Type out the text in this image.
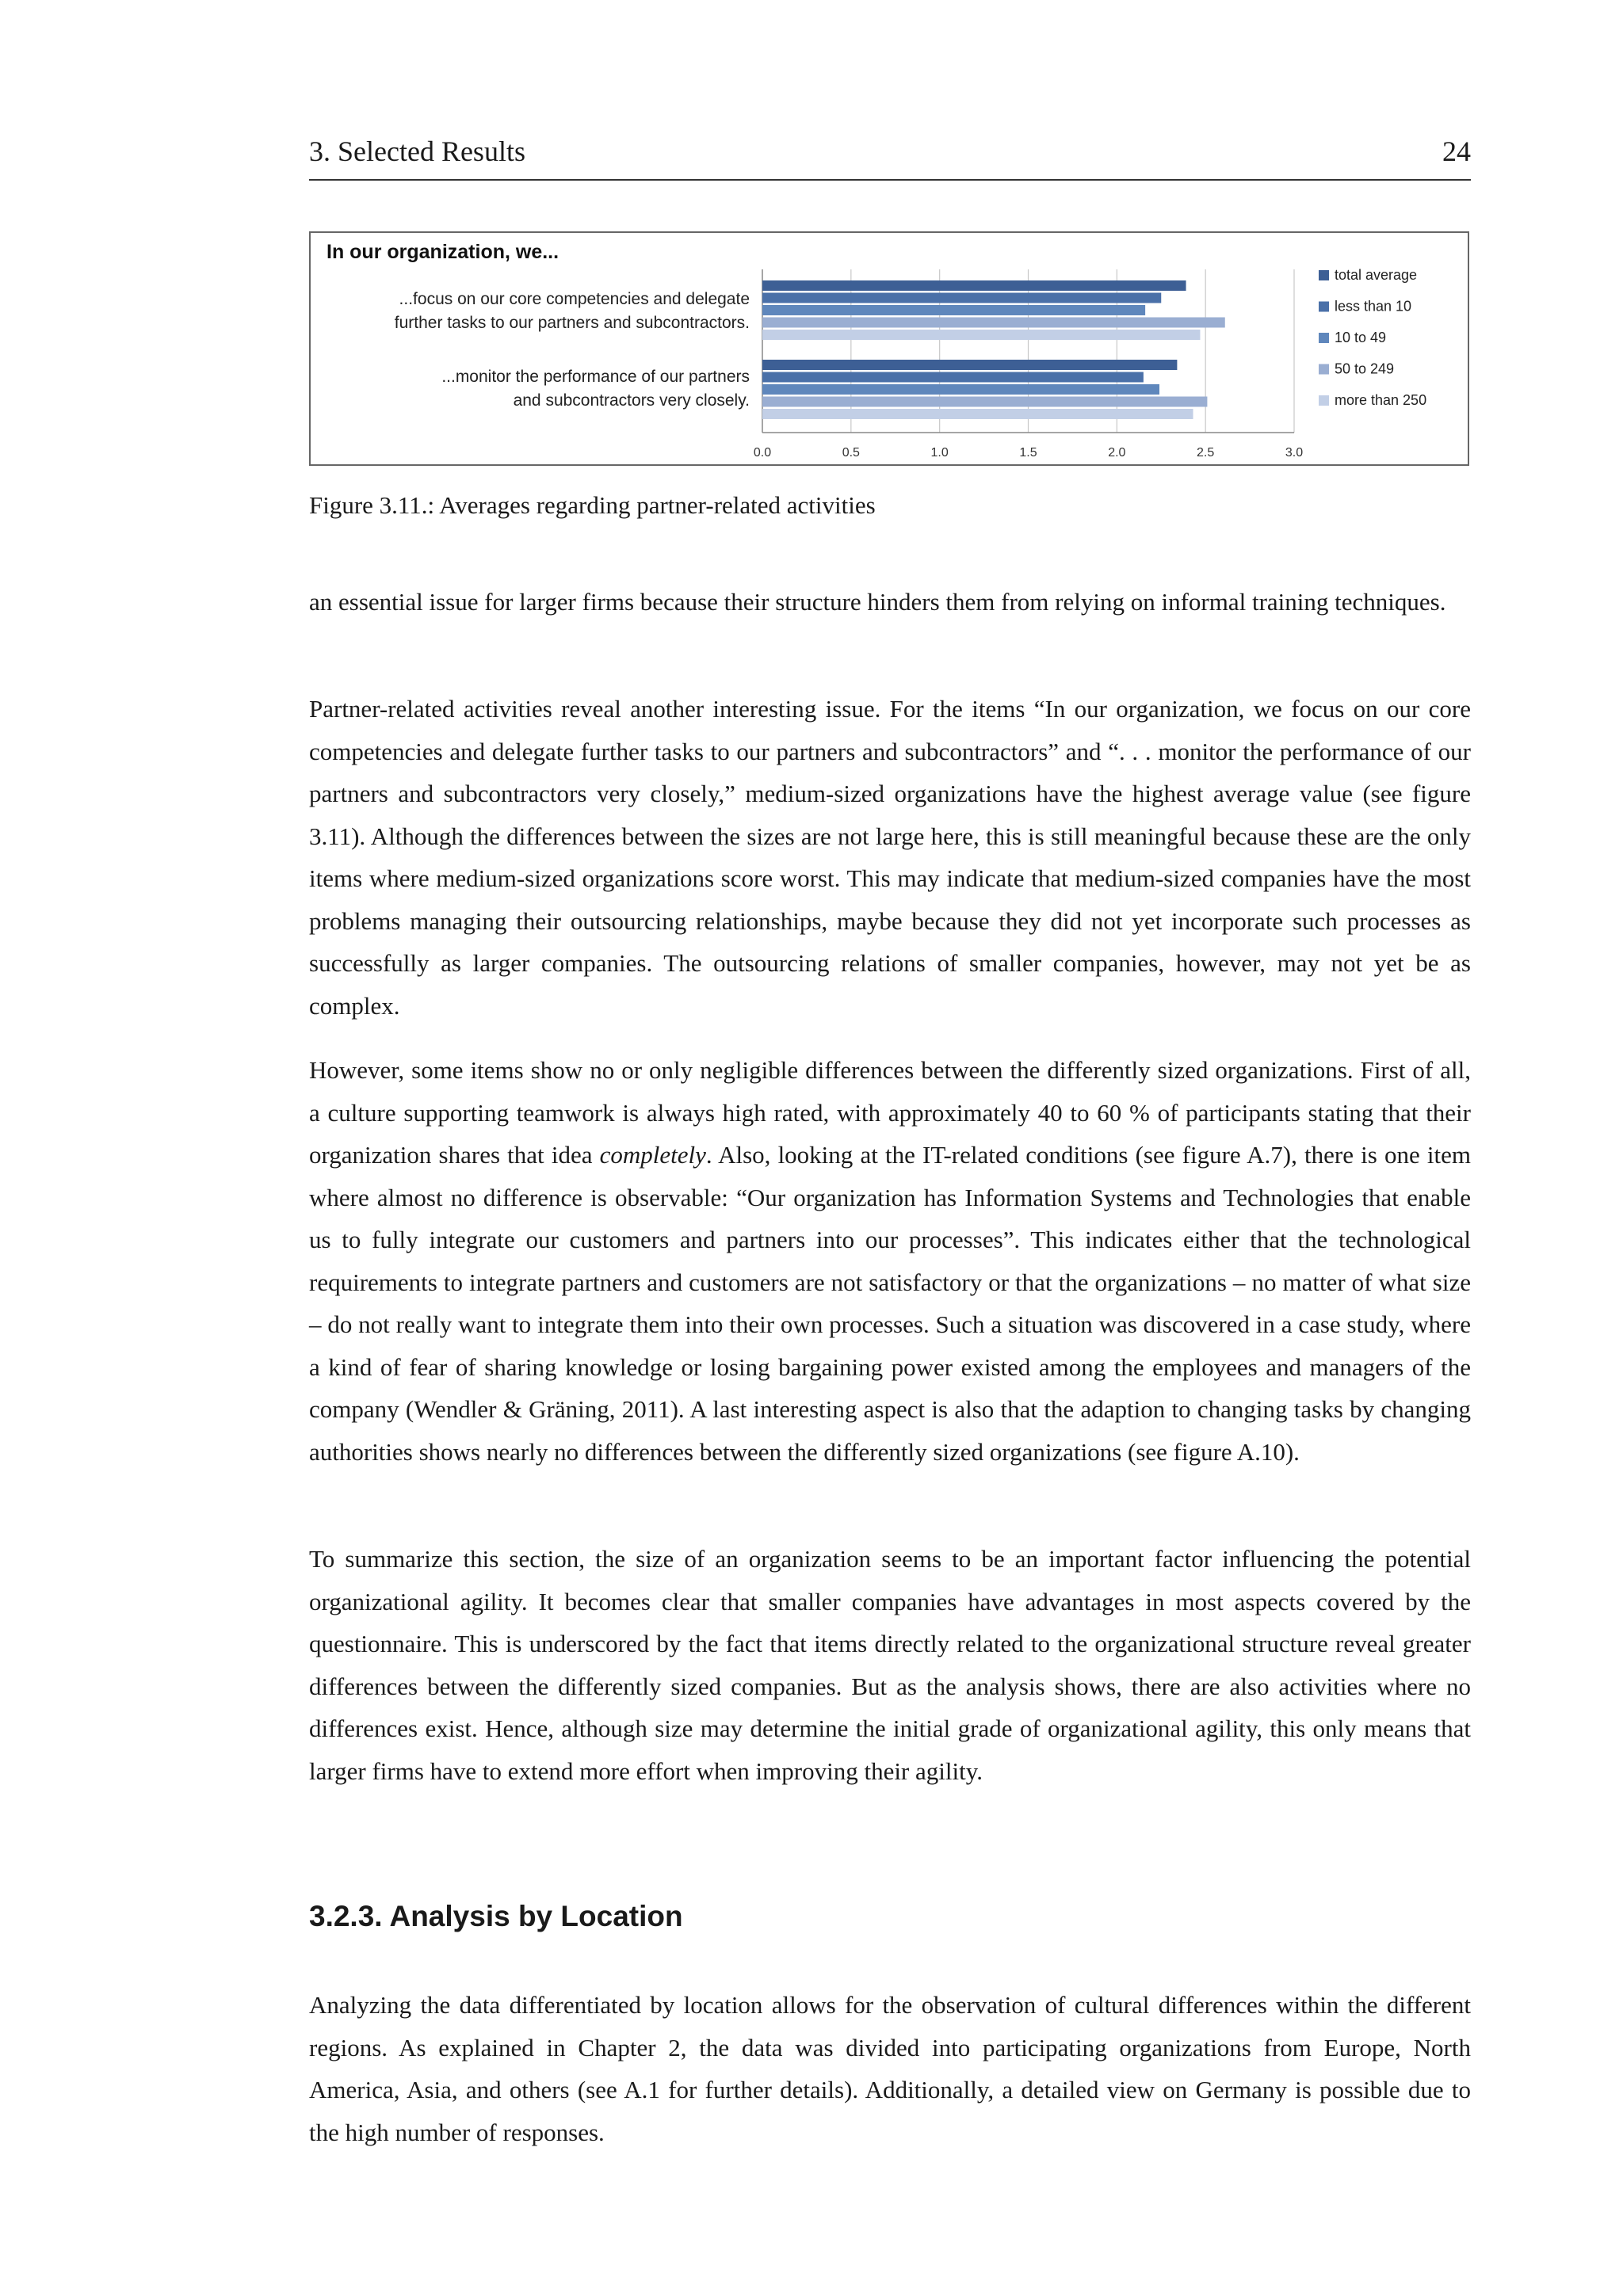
3. Selected Results	24
In our organization, we...
...focus on our core competencies and delegate
further tasks to our partners and subcontractors.
...monitor the performance of our partners
and subcontractors very closely.
0.0	0.5	1.0	1.5	2.0	2.5	3.0
total average
less than 10
10 to 49
50 to 249
more than 250
Figure 3.11.: Averages regarding partner-related activities

an essential issue for larger firms because their structure hinders them from relying on informal training techniques.

Partner-related activities reveal another interesting issue. For the items “In our organization, we focus on our core competencies and delegate further tasks to our partners and subcontractors” and “. . . monitor the performance of our partners and subcontractors very closely,” medium-sized organizations have the highest average value (see figure 3.11). Although the differences between the sizes are not large here, this is still meaningful because these are the only items where medium-sized organizations score worst. This may indicate that medium-sized companies have the most problems managing their outsourcing relationships, maybe because they did not yet incorporate such processes as successfully as larger companies. The outsourcing relations of smaller companies, however, may not yet be as complex.

However, some items show no or only negligible differences between the differently sized organizations. First of all, a culture supporting teamwork is always high rated, with approximately 40 to 60 % of participants stating that their organization shares that idea completely. Also, looking at the IT-related conditions (see figure A.7), there is one item where almost no difference is observable: “Our organization has Information Systems and Technologies that enable us to fully integrate our customers and partners into our processes”. This indicates either that the technological requirements to integrate partners and customers are not satisfactory or that the organizations – no matter of what size – do not really want to integrate them into their own processes. Such a situation was discovered in a case study, where a kind of fear of sharing knowledge or losing bargaining power existed among the employees and managers of the company (Wendler & Gräning, 2011). A last interesting aspect is also that the adaption to changing tasks by changing authorities shows nearly no differences between the differently sized organizations (see figure A.10).

To summarize this section, the size of an organization seems to be an important factor influencing the potential organizational agility. It becomes clear that smaller companies have advantages in most aspects covered by the questionnaire. This is underscored by the fact that items directly related to the organizational structure reveal greater differences between the differently sized companies. But as the analysis shows, there are also activities where no differences exist. Hence, although size may determine the initial grade of organizational agility, this only means that larger firms have to extend more effort when improving their agility.

3.2.3. Analysis by Location

Analyzing the data differentiated by location allows for the observation of cultural differences within the different regions. As explained in Chapter 2, the data was divided into participating organizations from Europe, North America, Asia, and others (see A.1 for further details). Additionally, a detailed view on Germany is possible due to the high number of responses.
